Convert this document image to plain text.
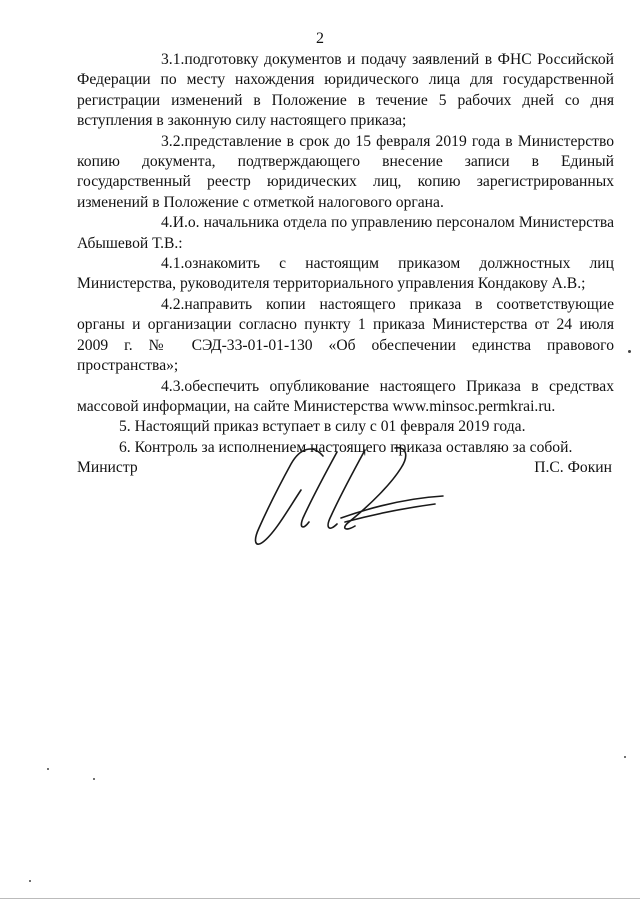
2

3.1.подготовку документов и подачу заявлений в ФНС Российской Федерации по месту нахождения юридического лица для государственной регистрации изменений в Положение в течение 5 рабочих дней со дня вступления в законную силу настоящего приказа;

3.2.представление в срок до 15 февраля 2019 года в Министерство копию документа, подтверждающего внесение записи в Единый государственный реестр юридических лиц, копию зарегистрированных изменений в Положение с отметкой налогового органа.

4.И.о. начальника отдела по управлению персоналом Министерства Абышевой Т.В.:

4.1.ознакомить с настоящим приказом должностных лиц Министерства, руководителя территориального управления Кондакову А.В.;

4.2.направить копии настоящего приказа в соответствующие органы и организации согласно пункту 1 приказа Министерства от 24 июля 2009 г. № СЭД-33-01-01-130 «Об обеспечении единства правового пространства»;

4.3.обеспечить опубликование настоящего Приказа в средствах массовой информации, на сайте Министерства www.minsoc.permkrai.ru.

5. Настоящий приказ вступает в силу с 01 февраля 2019 года.

6. Контроль за исполнением настоящего приказа оставляю за собой.

Министр	П.С. Фокин
